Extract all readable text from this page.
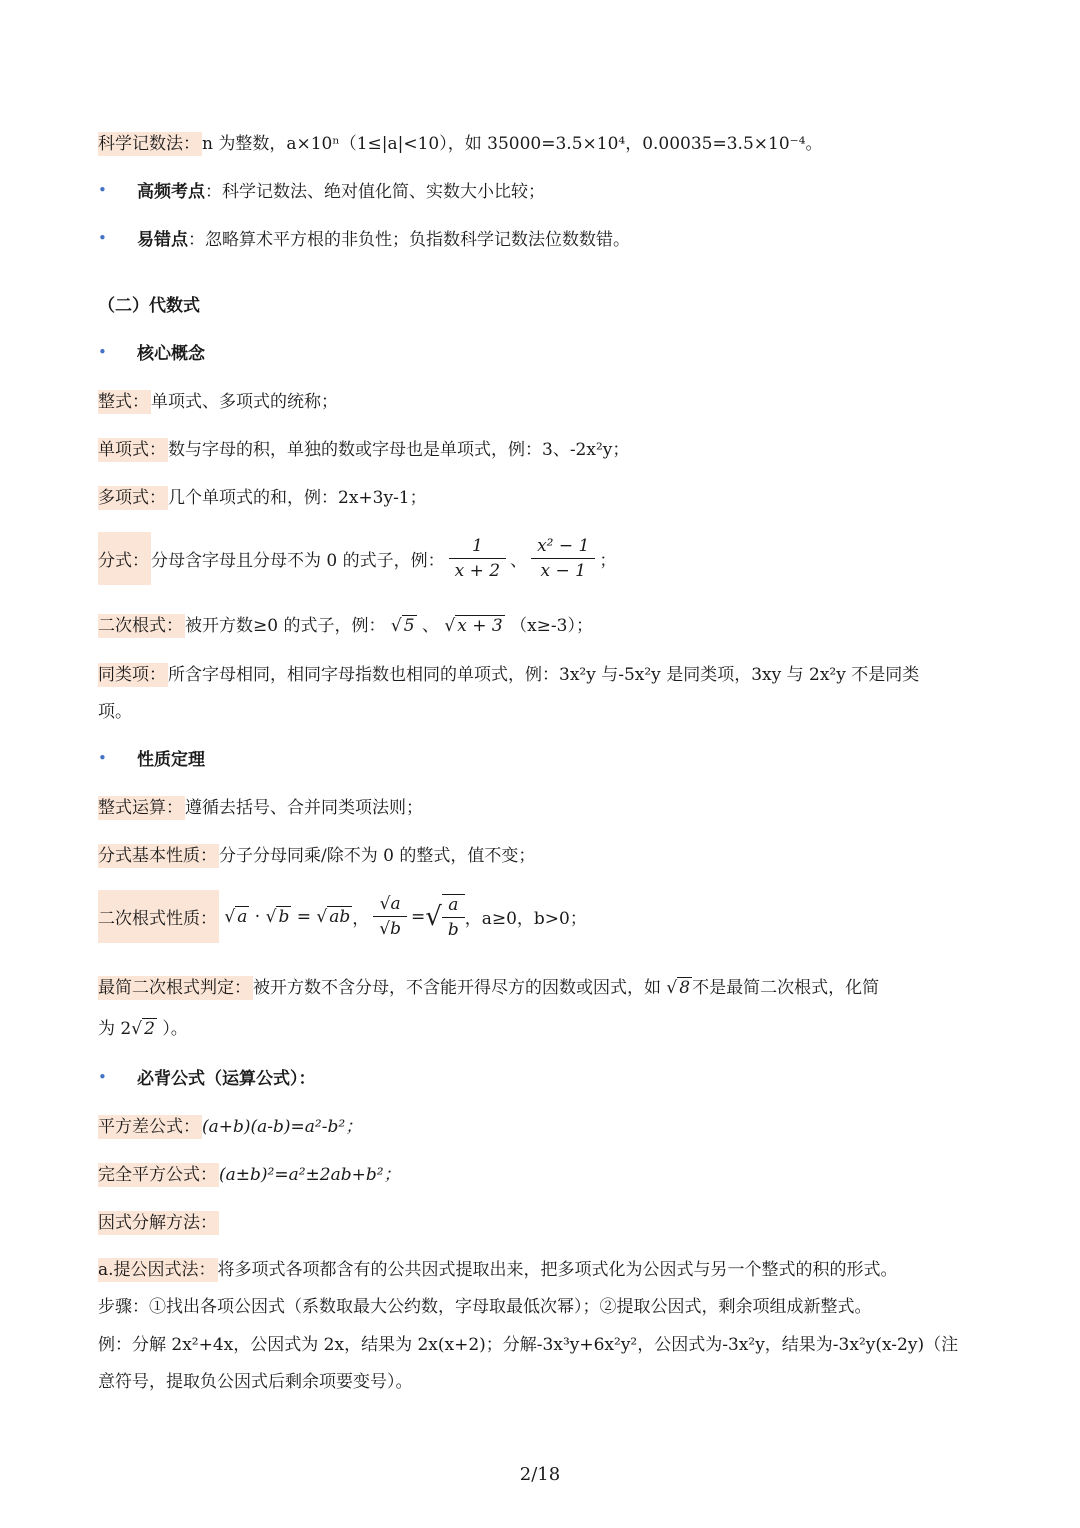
科学记数法： n 为整数，a×10ⁿ（1≤|a|<10），如 35000=3.5×10⁴，0.00035=3.5×10⁻⁴。
• 高频考点：科学记数法、绝对值化简、实数大小比较；
• 易错点：忽略算术平方根的非负性；负指数科学记数法位数数错。
（二）代数式
• 核心概念
整式： 单项式、多项式的统称；
单项式： 数与字母的积，单独的数或字母也是单项式，例：3、-2x²y；
多项式： 几个单项式的和，例：2x+3y-1；
分式： 分母含字母且分母不为 0 的式子，例： $\frac{1}{x + 2}$ 、 $\frac{\text{x² − 1}}{x - 1}$ ；
二次根式： 被开方数≥0 的式子，例： √ 5 、 √ x + 3 （x≥-3）；
同类项： 所含字母相同，相同字母指数也相同的单项式，例：3x²y 与-5x²y 是同类项，3xy 与 2x²y 不是同类
项。
• 性质定理
整式运算： 遵循去括号、合并同类项法则；
分式基本性质： 分子分母同乘/除不为 0 的整式，值不变；
二次根式性质： √ a · √ b = √ ab ， $\frac{√a}{√b}$ = √ $\frac{a}{b}$ ，a≥0，b>0；
最简二次根式判定： 被开方数不含分母，不含能开得尽方的因数或因式，如 √ 8 不是最简二次根式，化简
为 2√ 2 ）。
• 必背公式（运算公式）：
平方差公式： (a+b)(a-b)=a²-b²；
完全平方公式： (a±b)²=a²±2ab+b²；
因式分解方法：
a.提公因式法： 将多项式各项都含有的公共因式提取出来，把多项式化为公因式与另一个整式的积的形式。
步骤：①找出各项公因式（系数取最大公约数，字母取最低次幂）；②提取公因式，剩余项组成新整式。
例：分解 2x²+4x，公因式为 2x，结果为 2x(x+2)；分解-3x³y+6x²y²，公因式为-3x²y，结果为-3x²y(x-2y)（注
意符号，提取负公因式后剩余项要变号）。
2/18
